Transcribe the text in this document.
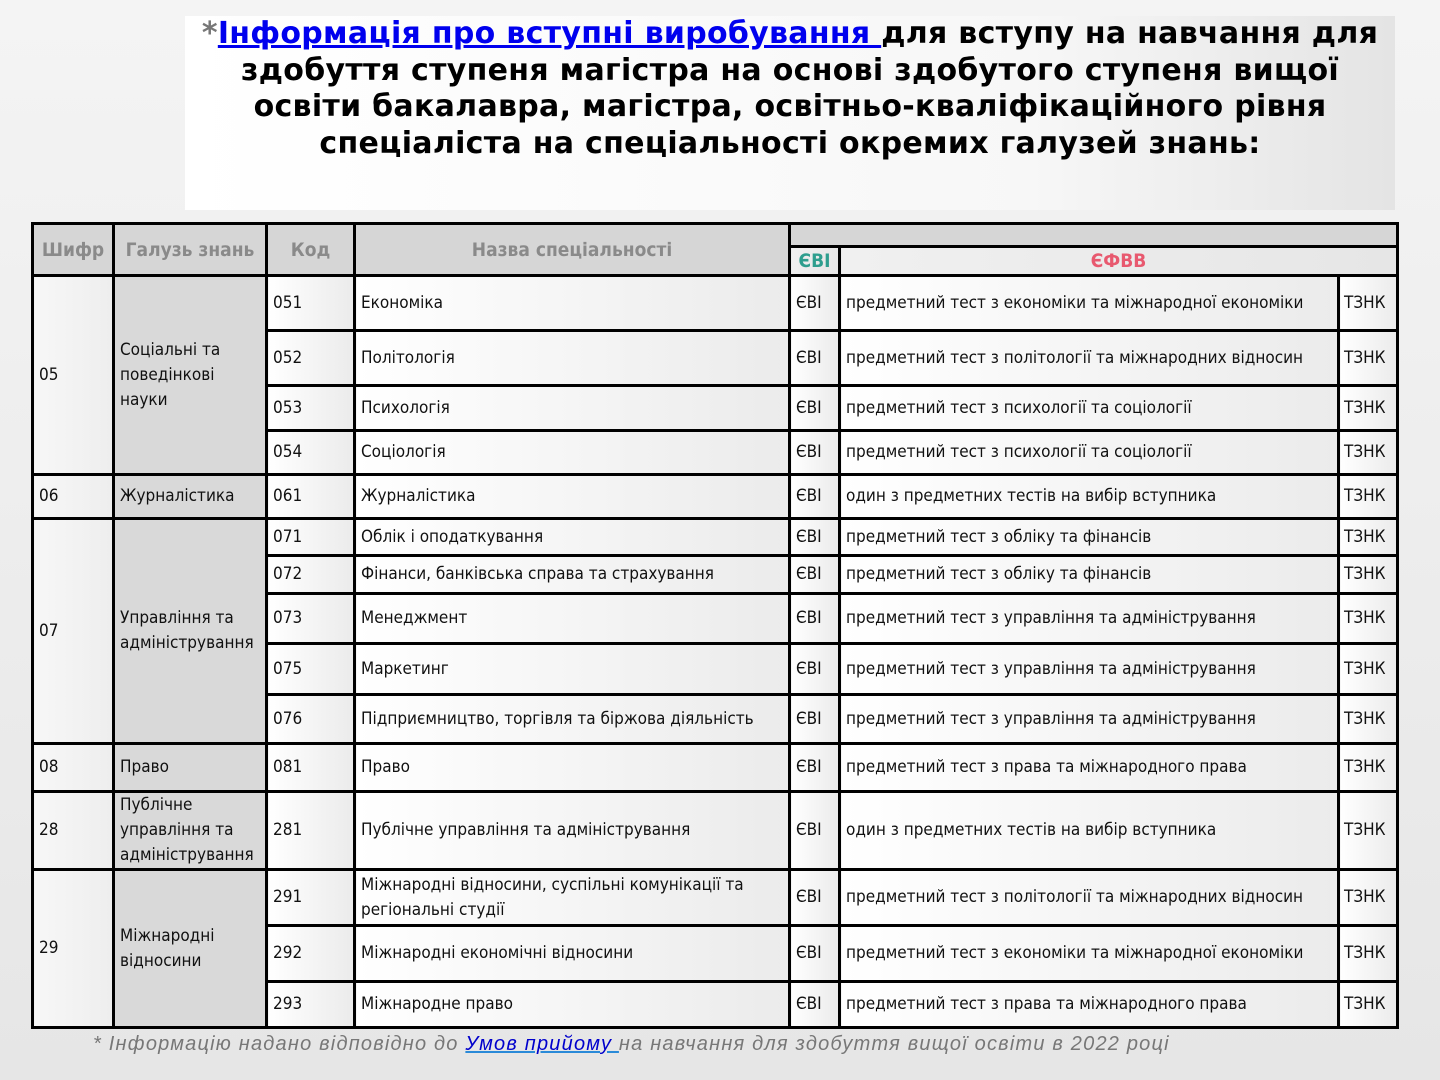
*Інформація про вступні виробування для вступу на навчання для здобуття ступеня магістра на основі здобутого ступеня вищої освіти бакалавра, магістра, освітньо-кваліфікаційного рівня спеціаліста на спеціальності окремих галузей знань:
Шифр	Галузь знань	Код	Назва спеціальності			
				ЄВІ	ЄФВВ	
05	Соціальні та поведінкові науки	051	Економіка	ЄВІ	предметний тест з економіки та міжнародної економіки	ТЗНК
		052	Політологія	ЄВІ	предметний тест з політології та міжнародних відносин	ТЗНК
		053	Психологія	ЄВІ	предметний тест з психології та соціології	ТЗНК
		054	Соціологія	ЄВІ	предметний тест з психології та соціології	ТЗНК
06	Журналістика	061	Журналістика	ЄВІ	один з предметних тестів на вибір вступника	ТЗНК
07	Управління та адміністрування	071	Облік і оподаткування	ЄВІ	предметний тест з обліку та фінансів	ТЗНК
		072	Фінанси, банківська справа та страхування	ЄВІ	предметний тест з обліку та фінансів	ТЗНК
		073	Менеджмент	ЄВІ	предметний тест з управління та адміністрування	ТЗНК
		075	Маркетинг	ЄВІ	предметний тест з управління та адміністрування	ТЗНК
		076	Підприємництво, торгівля та біржова діяльність	ЄВІ	предметний тест з управління та адміністрування	ТЗНК
08	Право	081	Право	ЄВІ	предметний тест з права та міжнародного права	ТЗНК
28	Публічне управління та адміністрування	281	Публічне управління та адміністрування	ЄВІ	один з предметних тестів на вибір вступника	ТЗНК
29	Міжнародні відносини	291	Міжнародні відносини, суспільні комунікації та регіональні студії	ЄВІ	предметний тест з політології та міжнародних відносин	ТЗНК
		292	Міжнародні економічні відносини	ЄВІ	предметний тест з економіки та міжнародної економіки	ТЗНК
		293	Міжнародне право	ЄВІ	предметний тест з права та міжнародного права	ТЗНК
* Інформацію надано відповідно до Умов прийому на навчання для здобуття вищої освіти в 2022 році
